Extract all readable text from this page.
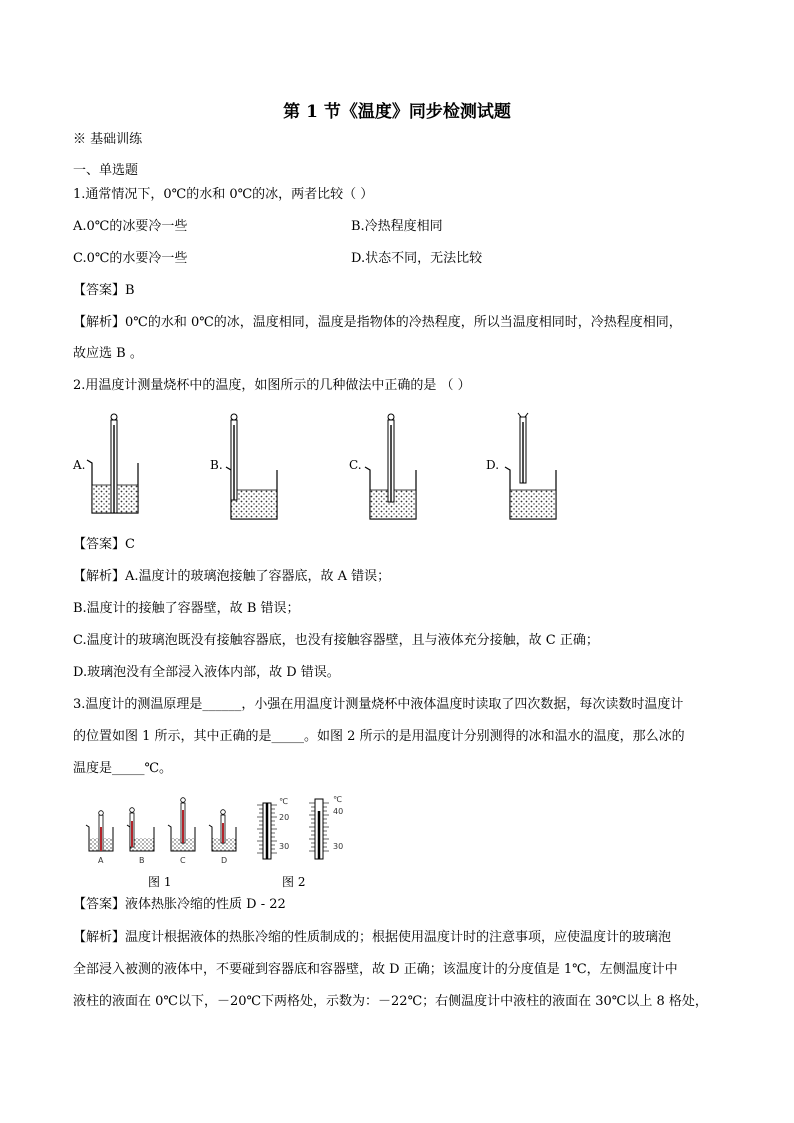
第 1 节《温度》同步检测试题
※ 基础训练
一、单选题
1.通常情况下，0℃的水和 0℃的冰，两者比较（ ）
A.0℃的冰要冷一些	B.冷热程度相同
C.0℃的水要冷一些	D.状态不同，无法比较
【答案】B
【解析】0℃的水和 0℃的冰，温度相同，温度是指物体的冷热程度，所以当温度相同时，冷热程度相同，
故应选 B 。
2.用温度计测量烧杯中的温度，如图所示的几种做法中正确的是 （ ）
A.	B.	C.	D.
【答案】C
【解析】A.温度计的玻璃泡接触了容器底，故 A 错误；
B.温度计的接触了容器壁，故 B 错误；
C.温度计的玻璃泡既没有接触容器底，也没有接触容器壁，且与液体充分接触，故 C 正确；
D.玻璃泡没有全部浸入液体内部，故 D 错误。
3.温度计的测温原理是______，小强在用温度计测量烧杯中液体温度时读取了四次数据，每次读数时温度计
的位置如图 1 所示，其中正确的是_____。如图 2 所示的是用温度计分别测得的冰和温水的温度，那么冰的
温度是_____℃。
A	B	C	D
℃
20
30
℃
40
30
图 1	图 2
【答案】液体热胀冷缩的性质 D - 22
【解析】温度计根据液体的热胀冷缩的性质制成的；根据使用温度计时的注意事项，应使温度计的玻璃泡
全部浸入被测的液体中，不要碰到容器底和容器壁，故 D 正确；该温度计的分度值是 1℃，左侧温度计中
液柱的液面在 0℃以下，－20℃下两格处，示数为：－22℃；右侧温度计中液柱的液面在 30℃以上 8 格处，
